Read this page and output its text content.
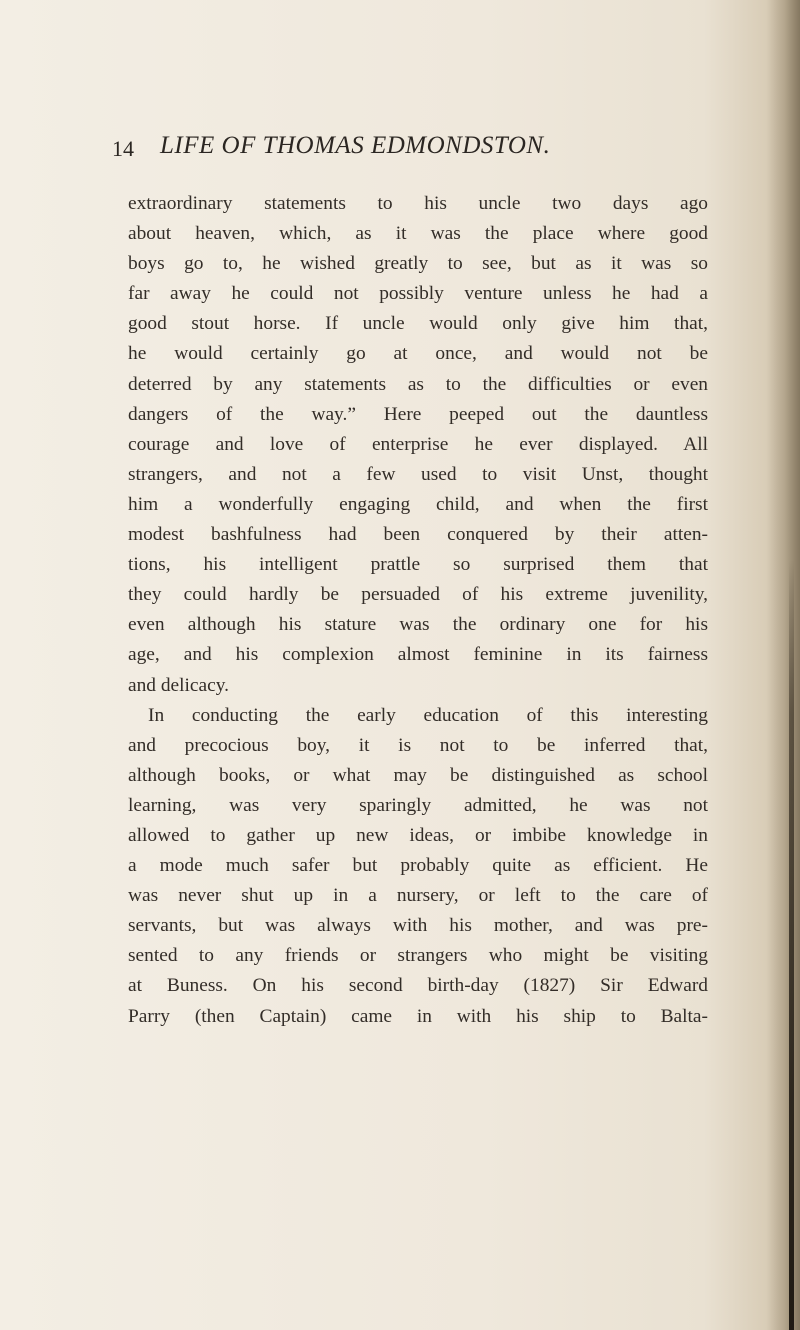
14 LIFE OF THOMAS EDMONDSTON.
extraordinary statements to his uncle two days ago
about heaven, which, as it was the place where good
boys go to, he wished greatly to see, but as it was so
far away he could not possibly venture unless he had a
good stout horse. If uncle would only give him that,
he would certainly go at once, and would not be
deterred by any statements as to the difficulties or even
dangers of the way.” Here peeped out the dauntless
courage and love of enterprise he ever displayed. All
strangers, and not a few used to visit Unst, thought
him a wonderfully engaging child, and when the first
modest bashfulness had been conquered by their atten-
tions, his intelligent prattle so surprised them that
they could hardly be persuaded of his extreme juvenility,
even although his stature was the ordinary one for his
age, and his complexion almost feminine in its fairness
and delicacy.
In conducting the early education of this interesting
and precocious boy, it is not to be inferred that,
although books, or what may be distinguished as school
learning, was very sparingly admitted, he was not
allowed to gather up new ideas, or imbibe knowledge in
a mode much safer but probably quite as efficient. He
was never shut up in a nursery, or left to the care of
servants, but was always with his mother, and was pre-
sented to any friends or strangers who might be visiting
at Buness. On his second birth-day (1827) Sir Edward
Parry (then Captain) came in with his ship to Balta-
